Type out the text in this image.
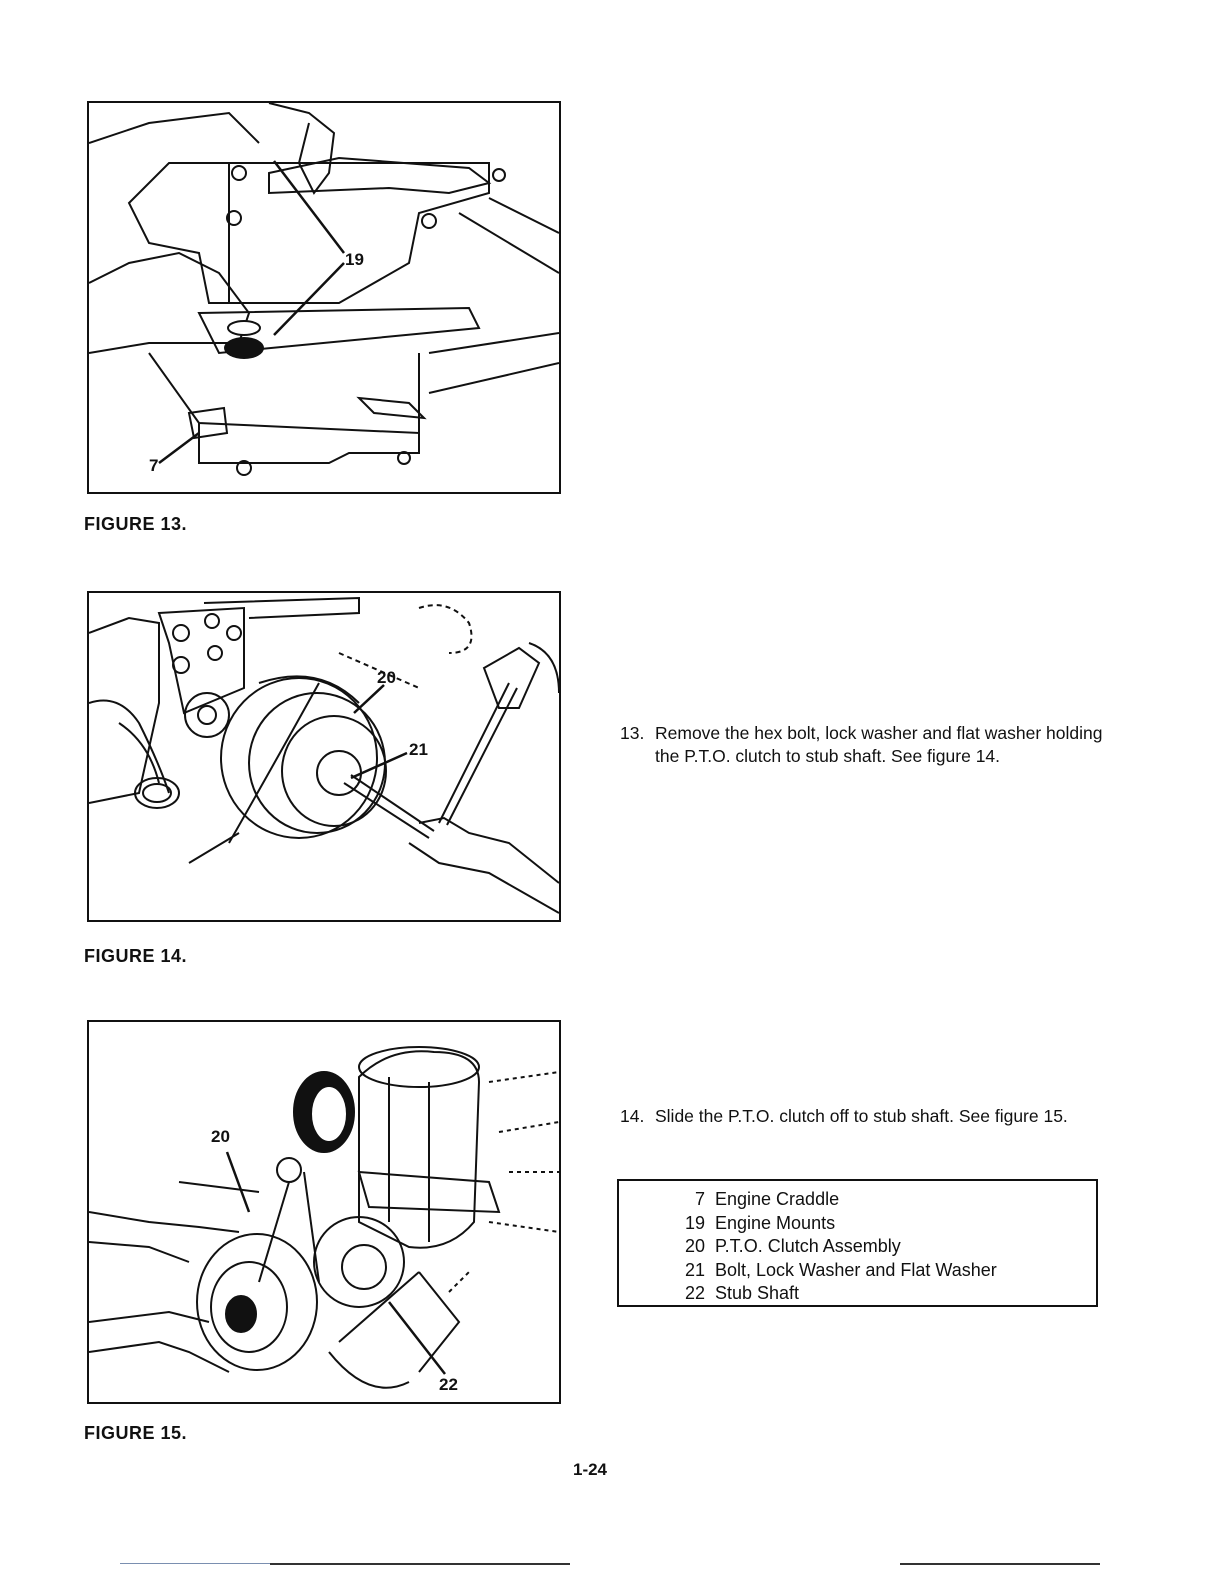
19
7
FIGURE 13.
20
21
FIGURE 14.
20
22
FIGURE 15.
13. Remove the hex bolt, lock washer and flat washer holding the P.T.O. clutch to stub shaft. See figure 14.
14. Slide the P.T.O. clutch off to stub shaft. See figure 15.
7 Engine Craddle
19 Engine Mounts
20 P.T.O. Clutch Assembly
21 Bolt, Lock Washer and Flat Washer
22 Stub Shaft
1-24
